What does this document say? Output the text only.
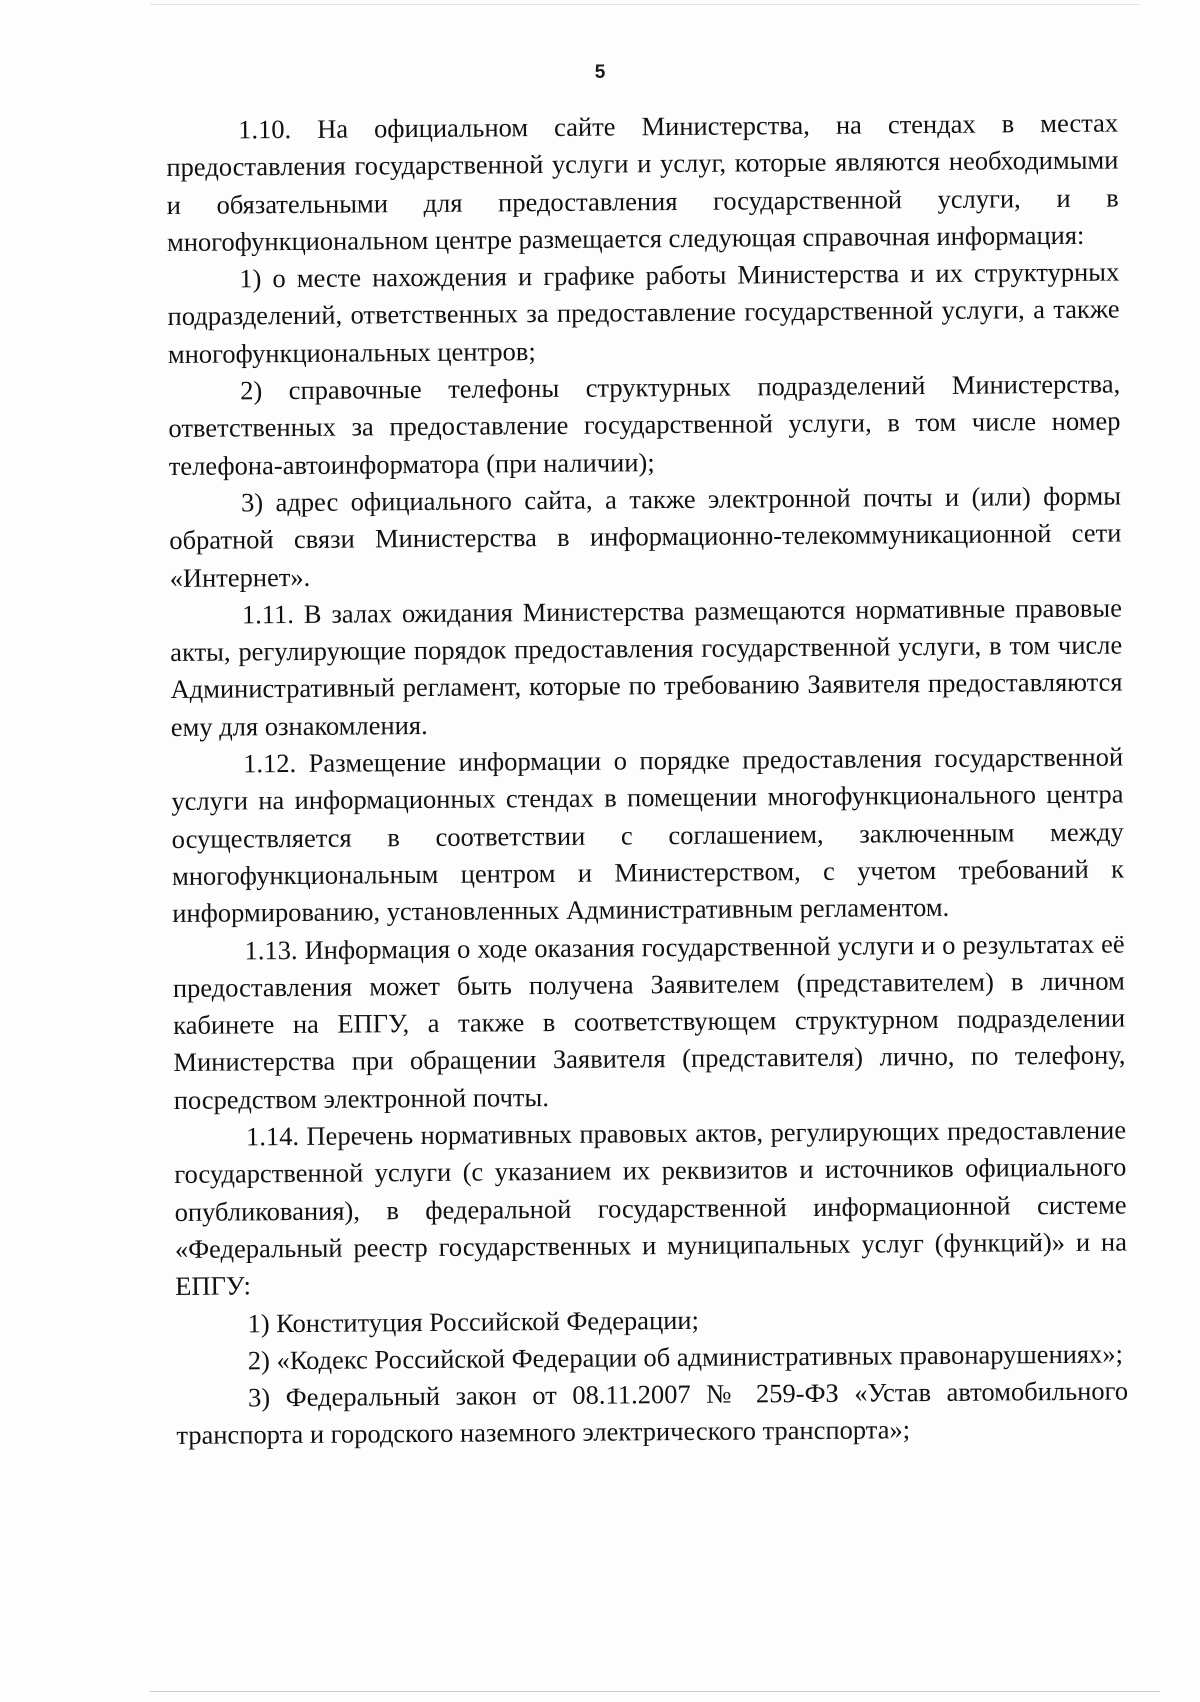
5

1.10. На официальном сайте Министерства, на стендах в местах предоставления государственной услуги и услуг, которые являются необходимыми и обязательными для предоставления государственной услуги, и в многофункциональном центре размещается следующая справочная информация:

1) о месте нахождения и графике работы Министерства и их структурных подразделений, ответственных за предоставление государственной услуги, а также многофункциональных центров;

2) справочные телефоны структурных подразделений Министерства, ответственных за предоставление государственной услуги, в том числе номер телефона-автоинформатора (при наличии);

3) адрес официального сайта, а также электронной почты и (или) формы обратной связи Министерства в информационно-телекоммуникационной сети «Интернет».

1.11. В залах ожидания Министерства размещаются нормативные правовые акты, регулирующие порядок предоставления государственной услуги, в том числе Административный регламент, которые по требованию Заявителя предоставляются ему для ознакомления.

1.12. Размещение информации о порядке предоставления государственной услуги на информационных стендах в помещении многофункционального центра осуществляется в соответствии с соглашением, заключенным между многофункциональным центром и Министерством, с учетом требований к информированию, установленных Административным регламентом.

1.13. Информация о ходе оказания государственной услуги и о результатах её предоставления может быть получена Заявителем (представителем) в личном кабинете на ЕПГУ, а также в соответствующем структурном подразделении Министерства при обращении Заявителя (представителя) лично, по телефону, посредством электронной почты.

1.14. Перечень нормативных правовых актов, регулирующих предоставление государственной услуги (с указанием их реквизитов и источников официального опубликования), в федеральной государственной информационной системе «Федеральный реестр государственных и муниципальных услуг (функций)» и на ЕПГУ:

1) Конституция Российской Федерации;

2) «Кодекс Российской Федерации об административных правонарушениях»;

3) Федеральный закон от 08.11.2007 № 259-ФЗ «Устав автомобильного транспорта и городского наземного электрического транспорта»;
